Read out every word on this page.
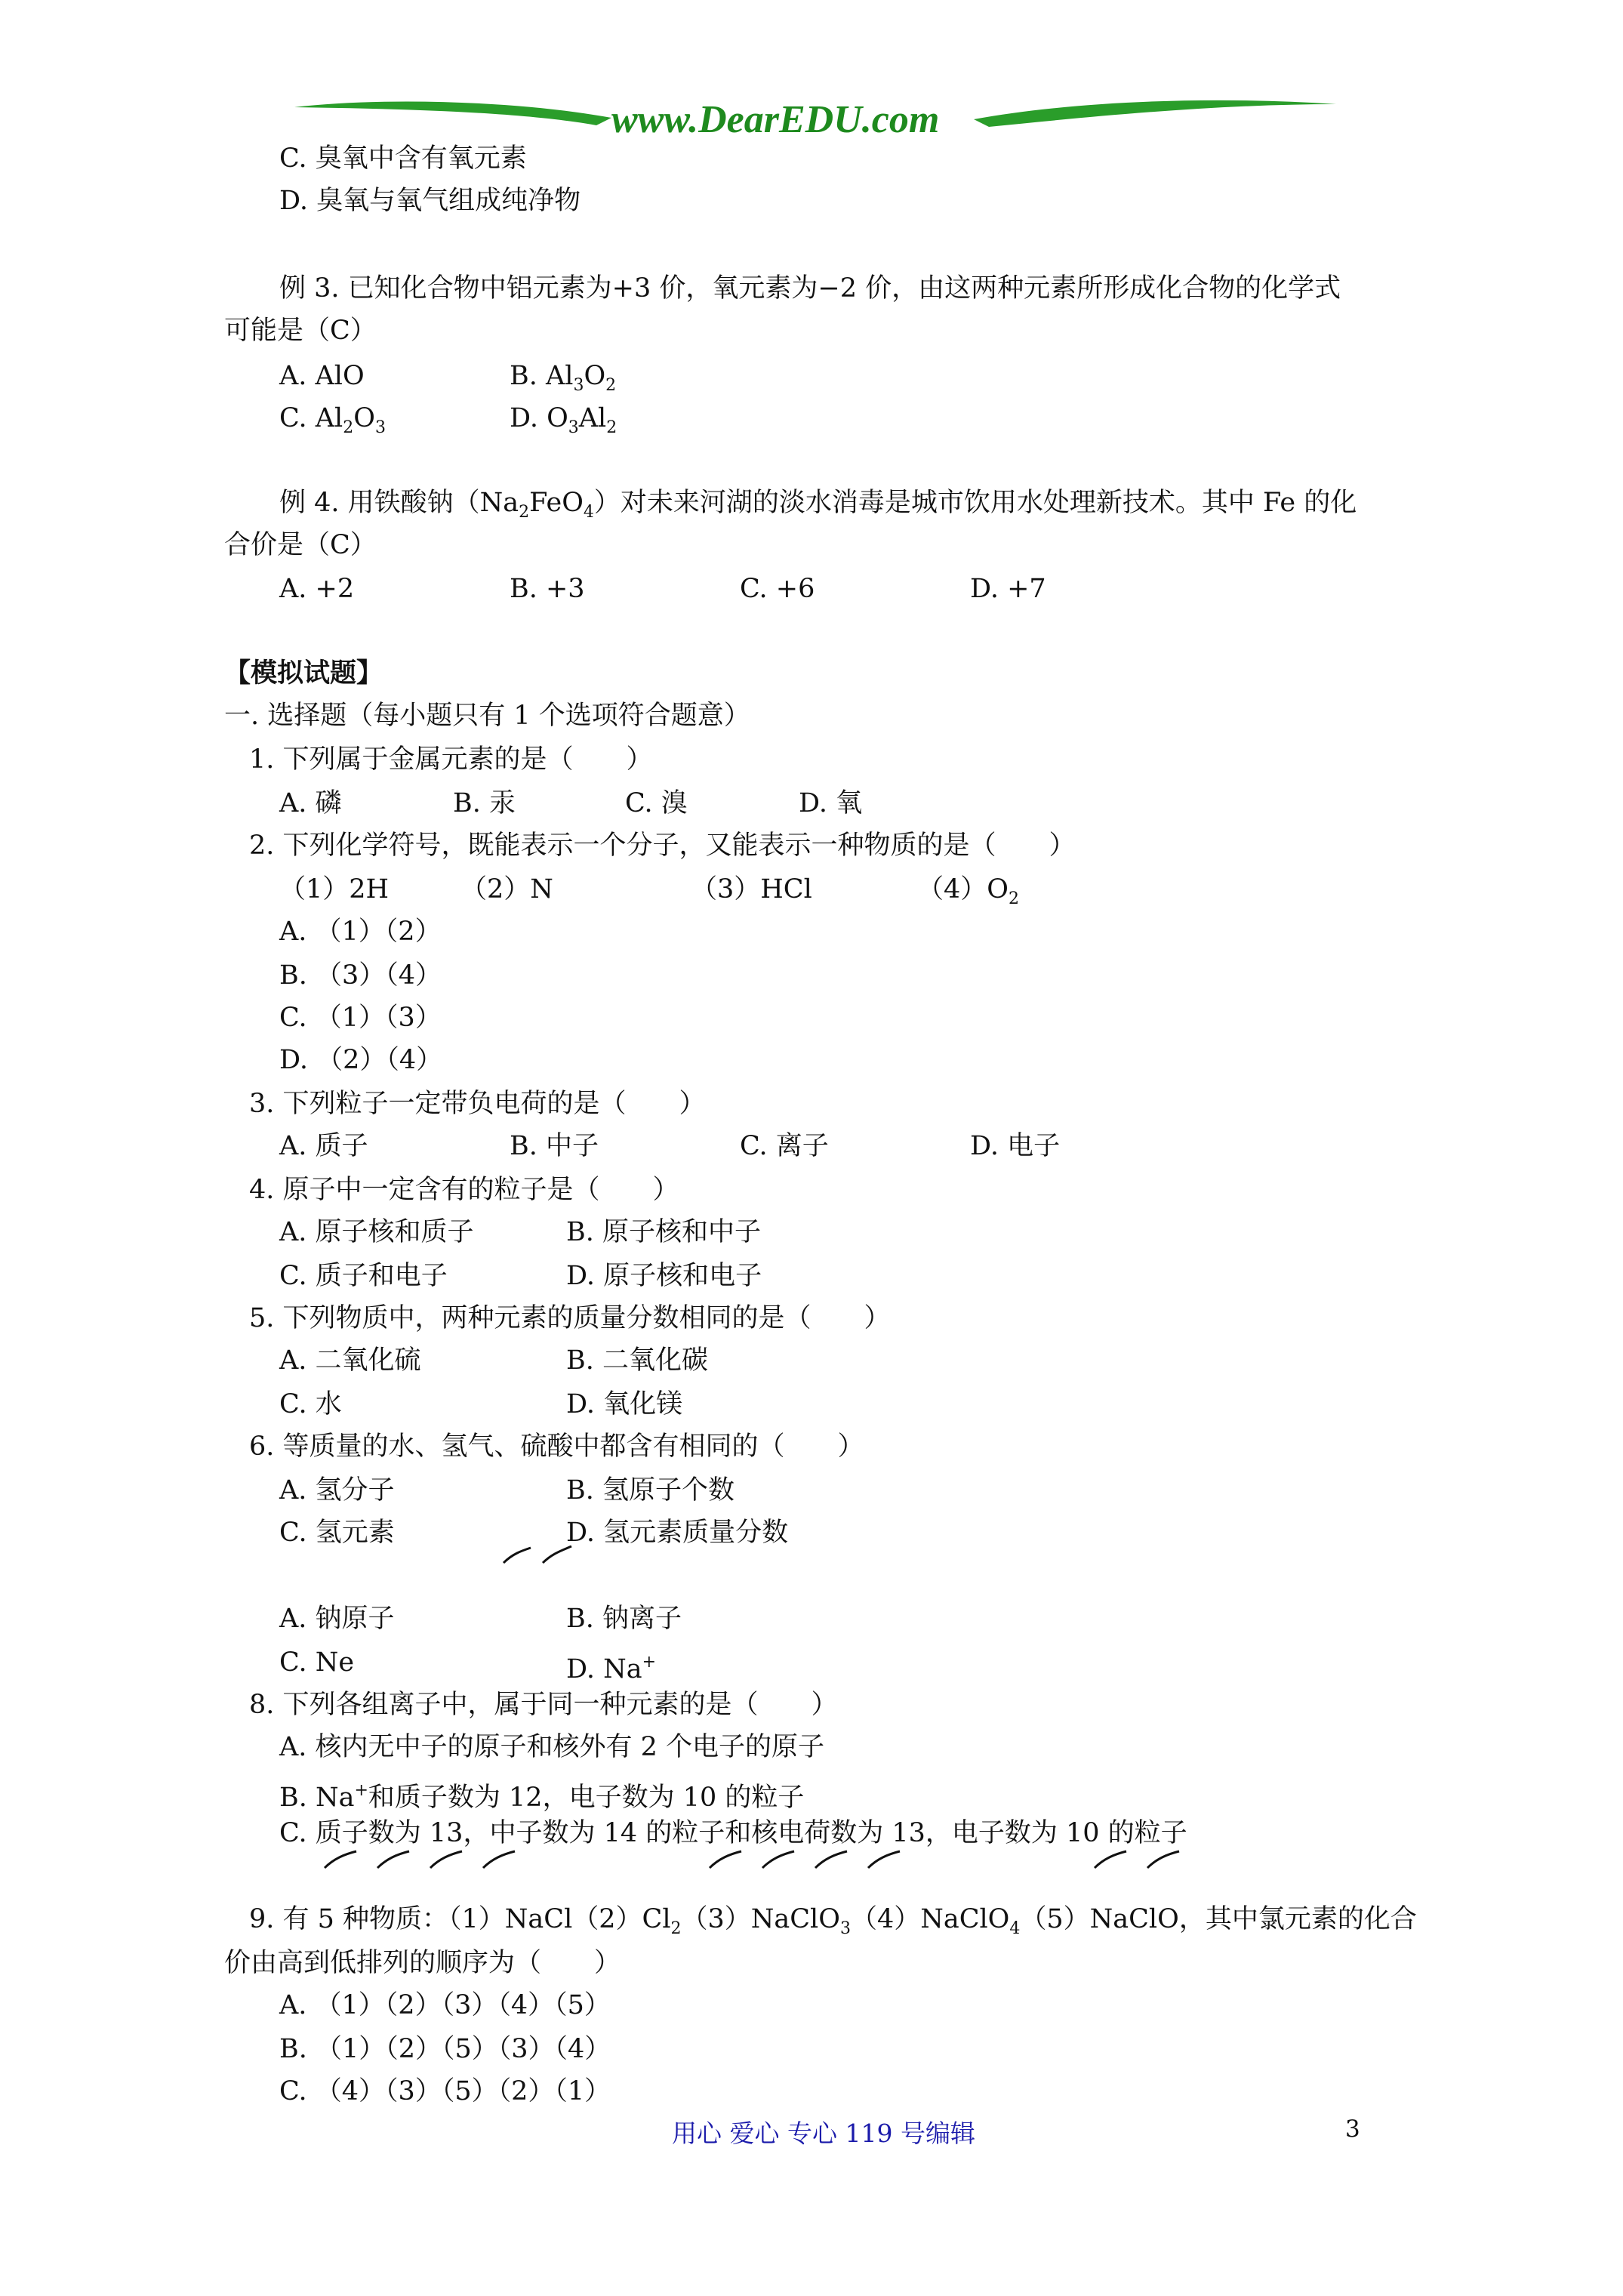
www.DearEDU.com
C. 臭氧中含有氧元素
D. 臭氧与氧气组成纯净物
例 3. 已知化合物中铝元素为+3 价，氧元素为−2 价，由这两种元素所形成化合物的化学式
可能是（C）
A. AlO	B. $Al_3O_2$
C. $Al_2O_3$	D. $O_3Al_2$
例 4. 用铁酸钠$(Na_2FeO_4)$对未来河湖的淡水消毒是城市饮用水处理新技术。其中 Fe 的化
合价是（C）
A. +2	B. +3	C. +6	D. +7
【模拟试题】
一. 选择题（每小题只有 1 个选项符合题意）
1. 下列属于金属元素的是（　　）
A. 磷	B. 汞	C. 溴	D. 氧
2. 下列化学符号，既能表示一个分子，又能表示一种物质的是（　　）
（1）2H	（2）N	（3）HCl	$(4)O_2$
A. （1）（2）
B. （3）（4）
C. （1）（3）
D. （2）（4）
3. 下列粒子一定带负电荷的是（　　）
A. 质子	B. 中子	C. 离子	D. 电子
4. 原子中一定含有的粒子是（　　）
A. 原子核和质子	B. 原子核和中子
C. 质子和电子	D. 原子核和电子
5. 下列物质中，两种元素的质量分数相同的是（　　）
A. 二氧化硫	B. 二氧化碳
C. 水	D. 氧化镁
6. 等质量的水、氢气、硫酸中都含有相同的（　　）
A. 氢分子	B. 氢原子个数
C. 氢元素	D. 氢元素质量分数
A. 钠原子	B. 钠离子
C. Ne	D. Na+
8. 下列各组离子中，属于同一种元素的是（　　）
A. 核内无中子的原子和核外有 2 个电子的原子
B. Na+和质子数为 12，电子数为 10 的粒子
C. 质子数为 13，中子数为 14 的粒子和核电荷数为 13，电子数为 10 的粒子
9. 有 5 种物质：$(1)NaCl(2)Cl_2(3)NaClO_3(4)NaClO_4(5)NaClO$，其中氯元素的化合
价由高到低排列的顺序为（　　）
A. （1）（2）（3）（4）（5）
B. （1）（2）（5）（3）（4）
C. （4）（3）（5）（2）（1）
用心 爱心 专心 119 号编辑	3
